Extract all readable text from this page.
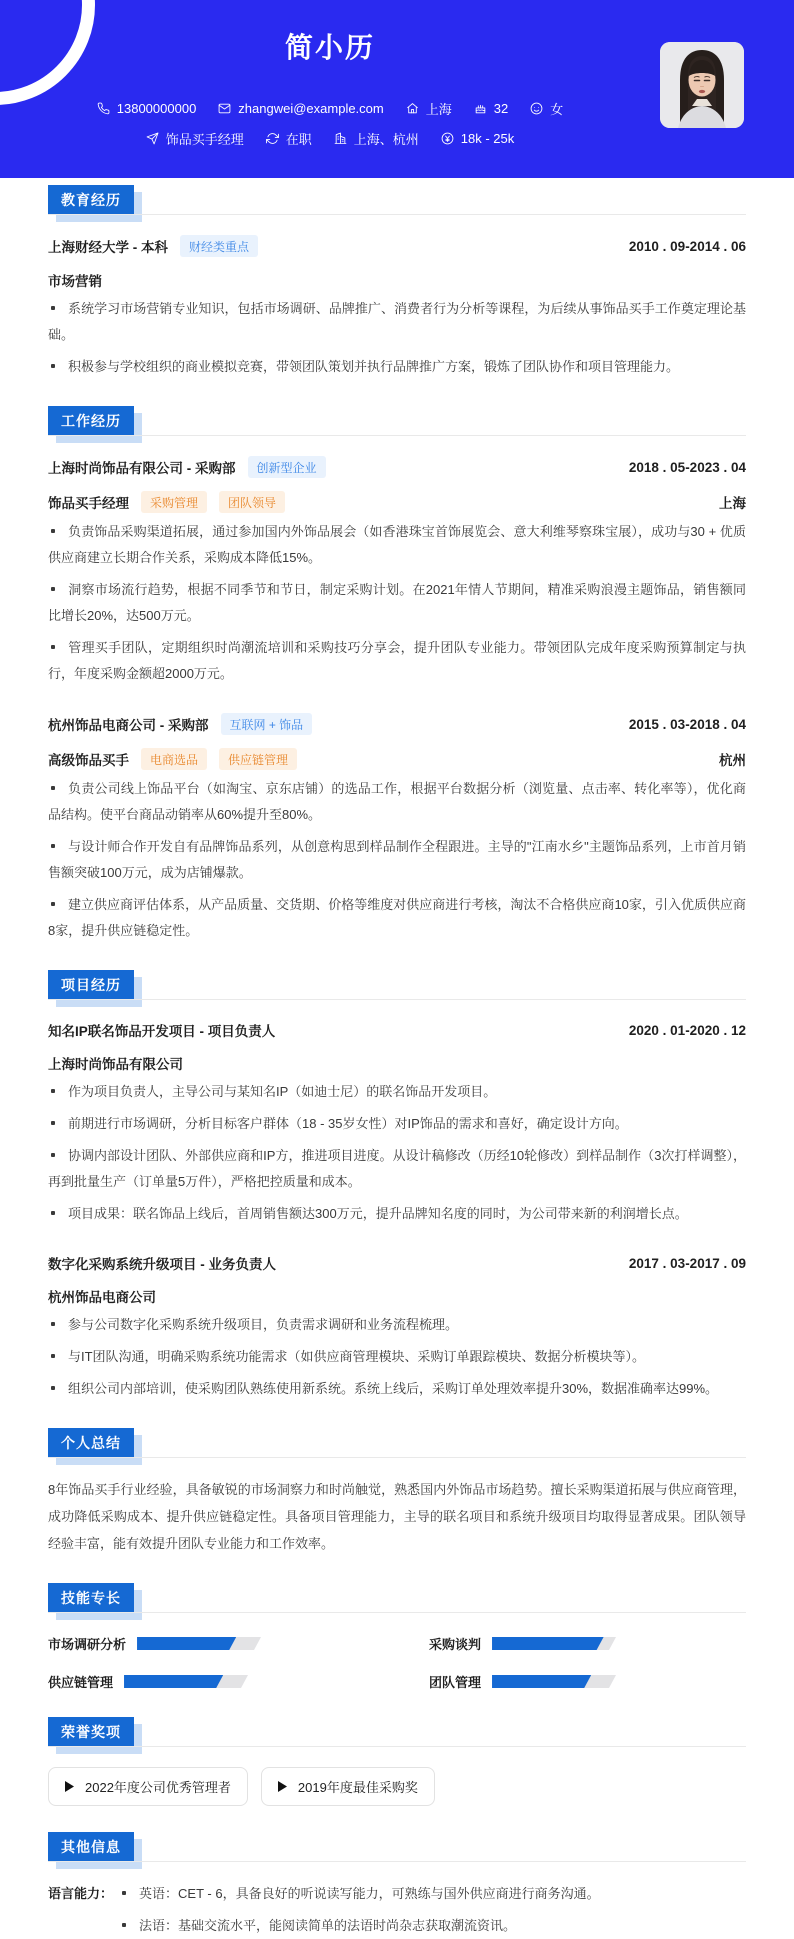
简小历
13800000000	zhangwei@example.com	上海	32	女
饰品买手经理	在职	上海、杭州	18k - 25k
教育经历
上海财经大学 - 本科	财经类重点	2010 . 09-2014 . 06
市场营销
系统学习市场营销专业知识，包括市场调研、品牌推广、消费者行为分析等课程，为后续从事饰品买手工作奠定理论基础。
积极参与学校组织的商业模拟竞赛，带领团队策划并执行品牌推广方案，锻炼了团队协作和项目管理能力。
工作经历
上海时尚饰品有限公司 - 采购部	创新型企业	2018 . 05-2023 . 04
饰品买手经理	采购管理	团队领导	上海
负责饰品采购渠道拓展，通过参加国内外饰品展会（如香港珠宝首饰展览会、意大利维琴察珠宝展），成功与30 + 优质供应商建立长期合作关系，采购成本降低15%。
洞察市场流行趋势，根据不同季节和节日，制定采购计划。在2021年情人节期间，精准采购浪漫主题饰品，销售额同比增长20%，达500万元。
管理买手团队，定期组织时尚潮流培训和采购技巧分享会，提升团队专业能力。带领团队完成年度采购预算制定与执行，年度采购金额超2000万元。
杭州饰品电商公司 - 采购部	互联网 + 饰品	2015 . 03-2018 . 04
高级饰品买手	电商选品	供应链管理	杭州
负责公司线上饰品平台（如淘宝、京东店铺）的选品工作，根据平台数据分析（浏览量、点击率、转化率等），优化商品结构。使平台商品动销率从60%提升至80%。
与设计师合作开发自有品牌饰品系列，从创意构思到样品制作全程跟进。主导的"江南水乡"主题饰品系列，上市首月销售额突破100万元，成为店铺爆款。
建立供应商评估体系，从产品质量、交货期、价格等维度对供应商进行考核，淘汰不合格供应商10家，引入优质供应商8家，提升供应链稳定性。
项目经历
知名IP联名饰品开发项目 - 项目负责人	2020 . 01-2020 . 12
上海时尚饰品有限公司
作为项目负责人，主导公司与某知名IP（如迪士尼）的联名饰品开发项目。
前期进行市场调研，分析目标客户群体（18 - 35岁女性）对IP饰品的需求和喜好，确定设计方向。
协调内部设计团队、外部供应商和IP方，推进项目进度。从设计稿修改（历经10轮修改）到样品制作（3次打样调整），再到批量生产（订单量5万件），严格把控质量和成本。
项目成果：联名饰品上线后，首周销售额达300万元，提升品牌知名度的同时，为公司带来新的利润增长点。
数字化采购系统升级项目 - 业务负责人	2017 . 03-2017 . 09
杭州饰品电商公司
参与公司数字化采购系统升级项目，负责需求调研和业务流程梳理。
与IT团队沟通，明确采购系统功能需求（如供应商管理模块、采购订单跟踪模块、数据分析模块等）。
组织公司内部培训，使采购团队熟练使用新系统。系统上线后，采购订单处理效率提升30%，数据准确率达99%。
个人总结

8年饰品买手行业经验，具备敏锐的市场洞察力和时尚触觉，熟悉国内外饰品市场趋势。擅长采购渠道拓展与供应商管理，成功降低采购成本、提升供应链稳定性。具备项目管理能力，主导的联名项目和系统升级项目均取得显著成果。团队领导经验丰富，能有效提升团队专业能力和工作效率。

技能专长
市场调研分析	采购谈判
供应链管理	团队管理
荣誉奖项
2022年度公司优秀管理者	2019年度最佳采购奖
其他信息
语言能力：	英语：CET - 6，具备良好的听说读写能力，可熟练与国外供应商进行商务沟通。
法语：基础交流水平，能阅读简单的法语时尚杂志获取潮流资讯。
